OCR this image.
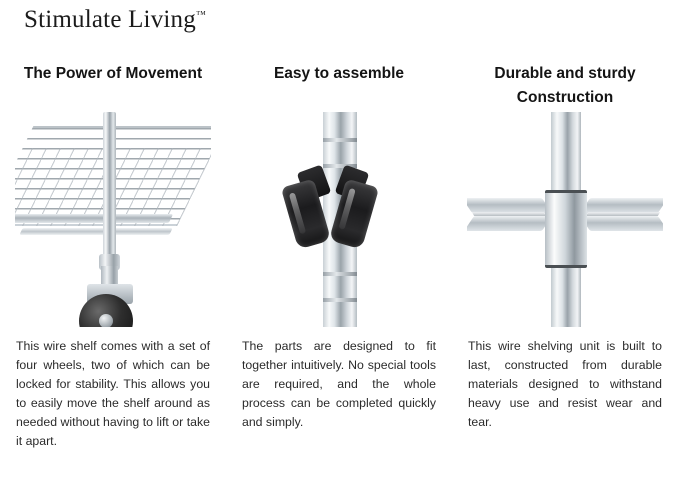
Stimulate Living™
The Power of Movement
This wire shelf comes with a set of four wheels, two of which can be locked for stability. This allows you to easily move the shelf around as needed without having to lift or take it apart.
Easy to assemble
The parts are designed to fit together intuitively. No special tools are required, and the whole process can be completed quickly and simply.
Durable and sturdy Construction
This wire shelving unit is built to last, constructed from durable materials designed to withstand heavy use and resist wear and tear.
